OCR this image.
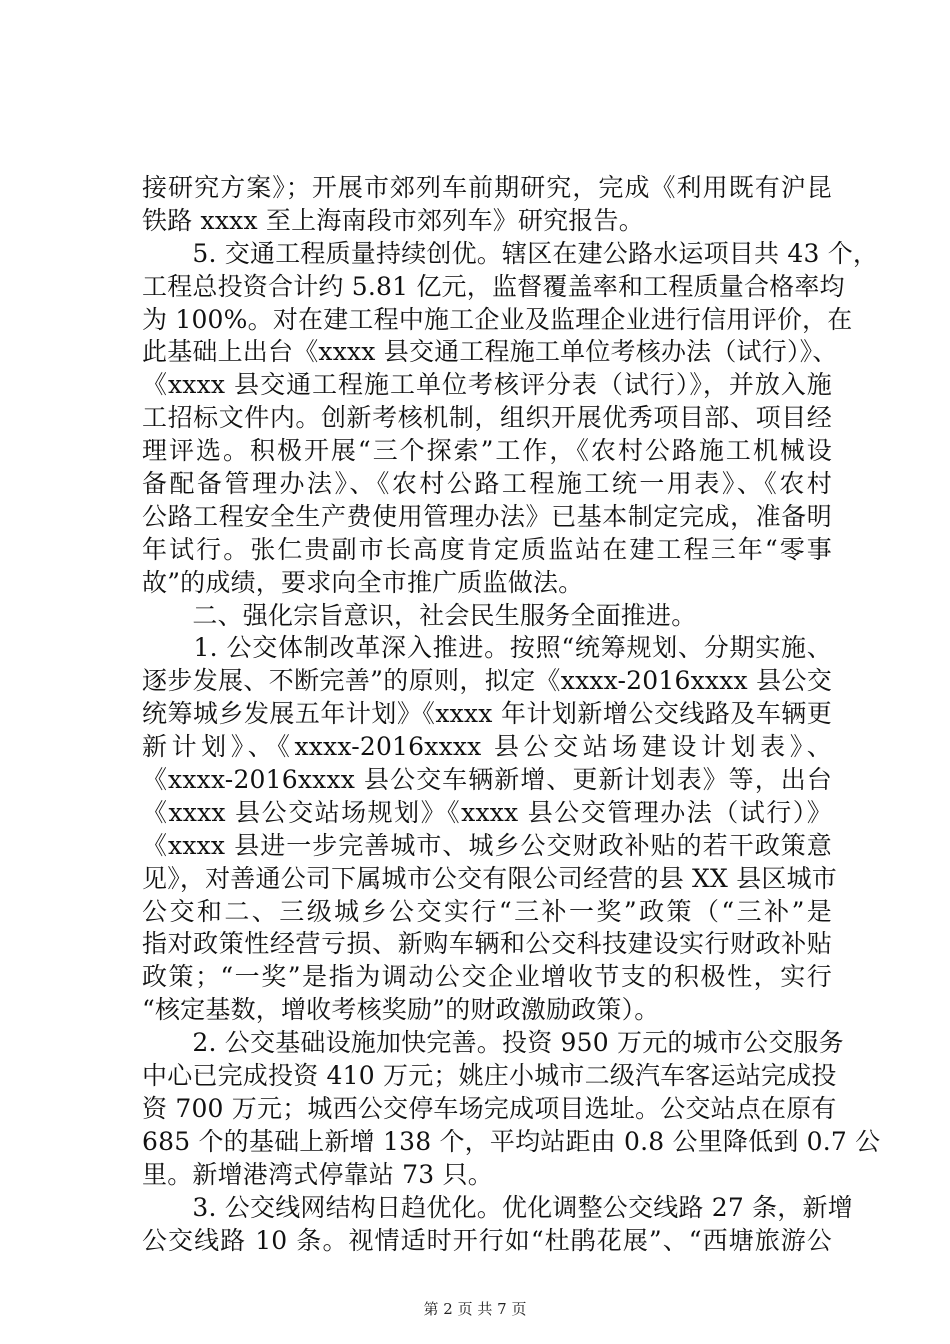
接研究方案》；开展市郊列车前期研究，完成《利用既有沪昆
铁路 xxxx 至上海南段市郊列车》研究报告。
　　5. 交通工程质量持续创优。辖区在建公路水运项目共 43 个，
工程总投资合计约 5.81 亿元，监督覆盖率和工程质量合格率均
为 100%。对在建工程中施工企业及监理企业进行信用评价，在
此基础上出台《xxxx 县交通工程施工单位考核办法（试行）》、
《xxxx 县交通工程施工单位考核评分表（试行）》，并放入施
工招标文件内。创新考核机制，组织开展优秀项目部、项目经
理评选。积极开展“三个探索”工作，《农村公路施工机械设
备配备管理办法》、《农村公路工程施工统一用表》、《农村
公路工程安全生产费使用管理办法》已基本制定完成，准备明
年试行。张仁贵副市长高度肯定质监站在建工程三年“零事
故”的成绩，要求向全市推广质监做法。
　　二、强化宗旨意识，社会民生服务全面推进。
　　1. 公交体制改革深入推进。按照“统筹规划、分期实施、
逐步发展、不断完善”的原则，拟定《xxxx-2016xxxx 县公交
统筹城乡发展五年计划》《xxxx 年计划新增公交线路及车辆更
新计划》、《xxxx-2016xxxx 县公交站场建设计划表》、
《xxxx-2016xxxx 县公交车辆新增、更新计划表》等，出台
《xxxx 县公交站场规划》《xxxx 县公交管理办法（试行）》
《xxxx 县进一步完善城市、城乡公交财政补贴的若干政策意
见》，对善通公司下属城市公交有限公司经营的县 XX 县区城市
公交和二、三级城乡公交实行“三补一奖”政策（“三补”是
指对政策性经营亏损、新购车辆和公交科技建设实行财政补贴
政策；“一奖”是指为调动公交企业增收节支的积极性，实行
“核定基数，增收考核奖励”的财政激励政策）。
　　2. 公交基础设施加快完善。投资 950 万元的城市公交服务
中心已完成投资 410 万元；姚庄小城市二级汽车客运站完成投
资 700 万元；城西公交停车场完成项目选址。公交站点在原有
685 个的基础上新增 138 个，平均站距由 0.8 公里降低到 0.7 公
里。新增港湾式停靠站 73 只。
　　3. 公交线网结构日趋优化。优化调整公交线路 27 条，新增
公交线路 10 条。视情适时开行如“杜鹃花展”、“西塘旅游公
第 2 页 共 7 页
